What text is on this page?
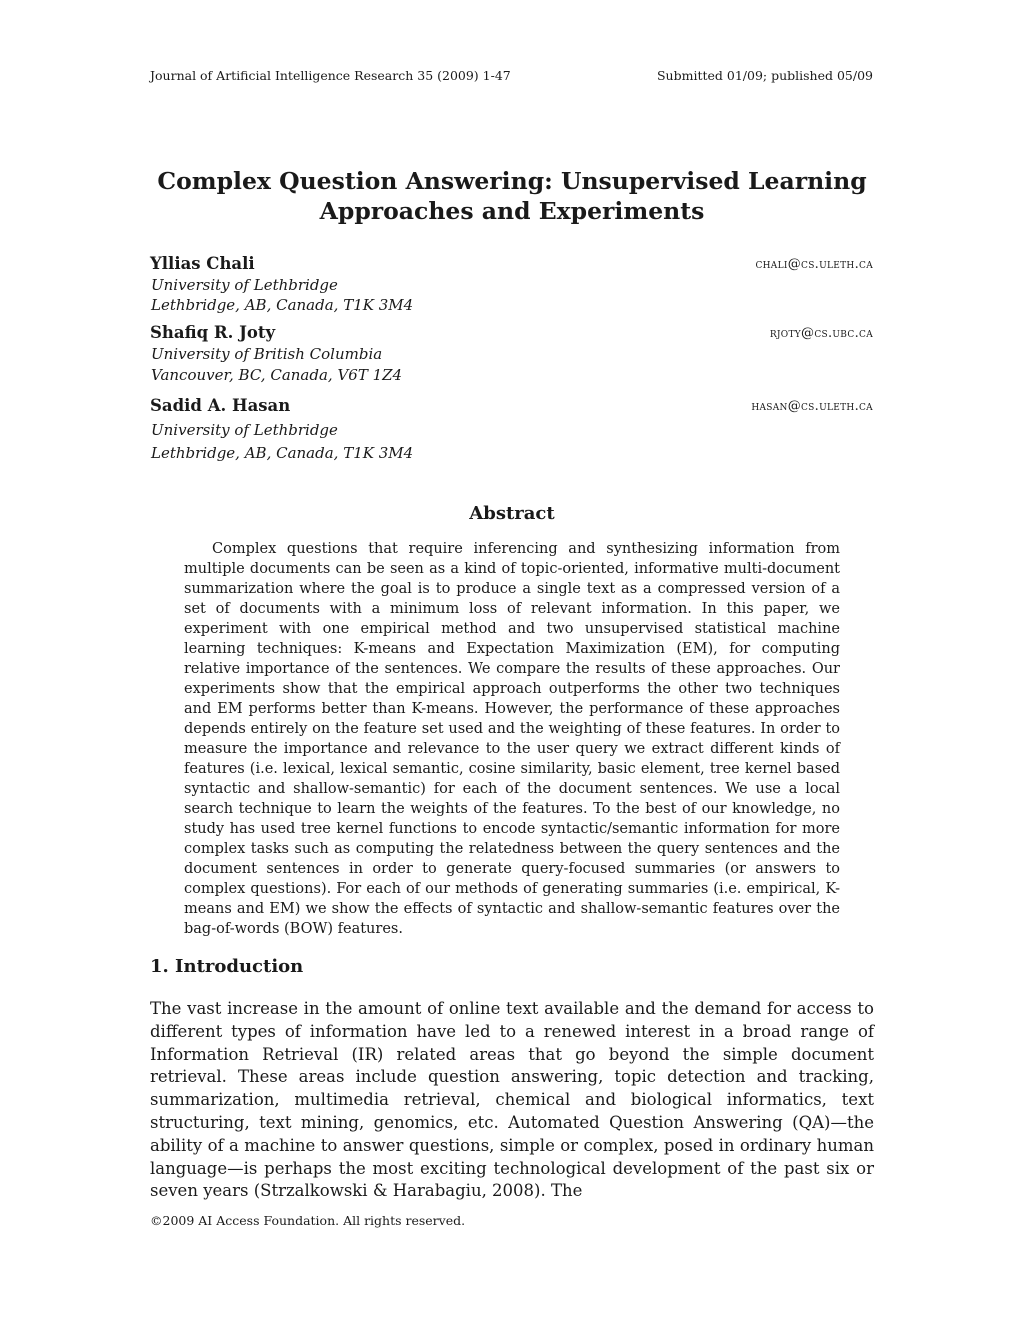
Journal of Artificial Intelligence Research 35 (2009) 1-47	Submitted 01/09; published 05/09
Complex Question Answering: Unsupervised Learning
Approaches and Experiments
Yllias Chali	chali@cs.uleth.ca
University of Lethbridge
Lethbridge, AB, Canada, T1K 3M4
Shafiq R. Joty	rjoty@cs.ubc.ca
University of British Columbia
Vancouver, BC, Canada, V6T 1Z4
Sadid A. Hasan	hasan@cs.uleth.ca
University of Lethbridge
Lethbridge, AB, Canada, T1K 3M4
Abstract

Complex questions that require inferencing and synthesizing information from multiple documents can be seen as a kind of topic-oriented, informative multi-document summarization where the goal is to produce a single text as a compressed version of a set of documents with a minimum loss of relevant information. In this paper, we experiment with one empirical method and two unsupervised statistical machine learning techniques: K-means and Expectation Maximization (EM), for computing relative importance of the sentences. We compare the results of these approaches. Our experiments show that the empirical approach outperforms the other two techniques and EM performs better than K-means. However, the performance of these approaches depends entirely on the feature set used and the weighting of these features. In order to measure the importance and relevance to the user query we extract different kinds of features (i.e. lexical, lexical semantic, cosine similarity, basic element, tree kernel based syntactic and shallow-semantic) for each of the document sentences. We use a local search technique to learn the weights of the features. To the best of our knowledge, no study has used tree kernel functions to encode syntactic/semantic information for more complex tasks such as computing the relatedness between the query sentences and the document sentences in order to generate query-focused summaries (or answers to complex questions). For each of our methods of generating summaries (i.e. empirical, K-means and EM) we show the effects of syntactic and shallow-semantic features over the bag-of-words (BOW) features.

1. Introduction

The vast increase in the amount of online text available and the demand for access to different types of information have led to a renewed interest in a broad range of Information Retrieval (IR) related areas that go beyond the simple document retrieval. These areas include question answering, topic detection and tracking, summarization, multimedia retrieval, chemical and biological informatics, text structuring, text mining, genomics, etc. Automated Question Answering (QA)—the ability of a machine to answer questions, simple or complex, posed in ordinary human language—is perhaps the most exciting technological development of the past six or seven years (Strzalkowski & Harabagiu, 2008). The

©2009 AI Access Foundation. All rights reserved.
